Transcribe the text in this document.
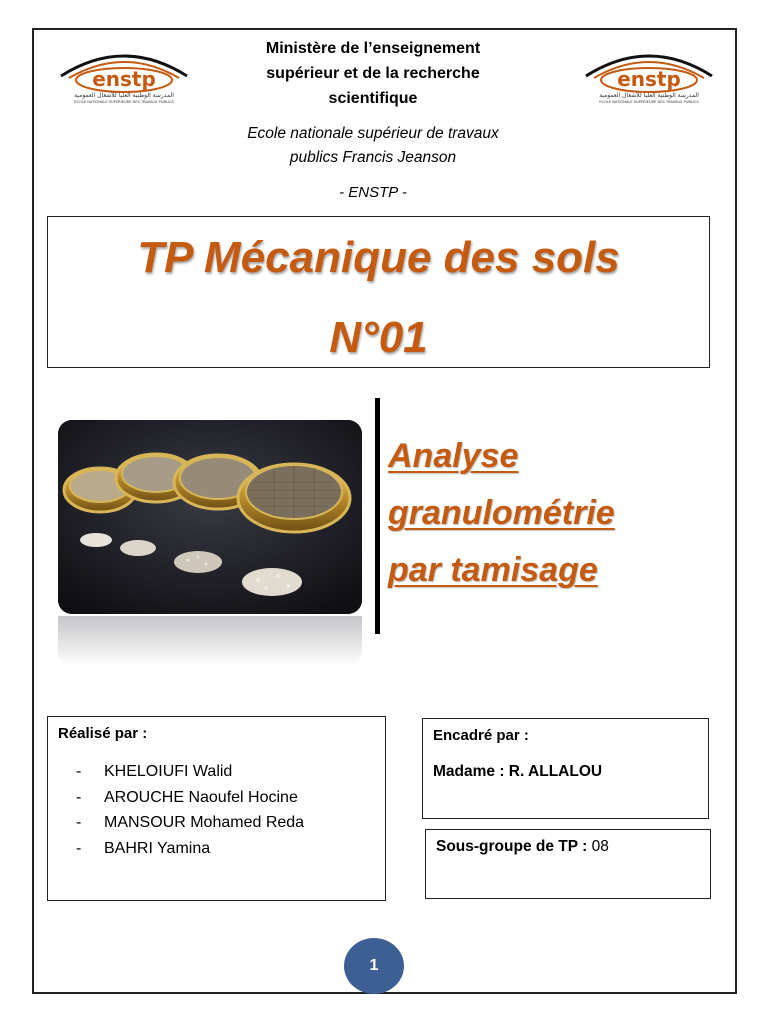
enstp
المدرسة الوطنية العليا للأشغال العمومية
ECOLE NATIONALE SUPERIEURE DES TRAVAUX PUBLICS
enstp
المدرسة الوطنية العليا للأشغال العمومية
ECOLE NATIONALE SUPERIEURE DES TRAVAUX PUBLICS
Ministère de l’enseignement
supérieur et de la recherche
scientifique
Ecole nationale supérieur de travaux
publics Francis Jeanson
- ENSTP -
TP Mécanique des sols
N°01
Analyse
granulométrie
par tamisage
Réalisé par :
- KHELOIUFI Walid
- AROUCHE Naoufel Hocine
- MANSOUR Mohamed Reda
- BAHRI Yamina
Encadré par :
Madame : R. ALLALOU
Sous-groupe de TP : 08
1
